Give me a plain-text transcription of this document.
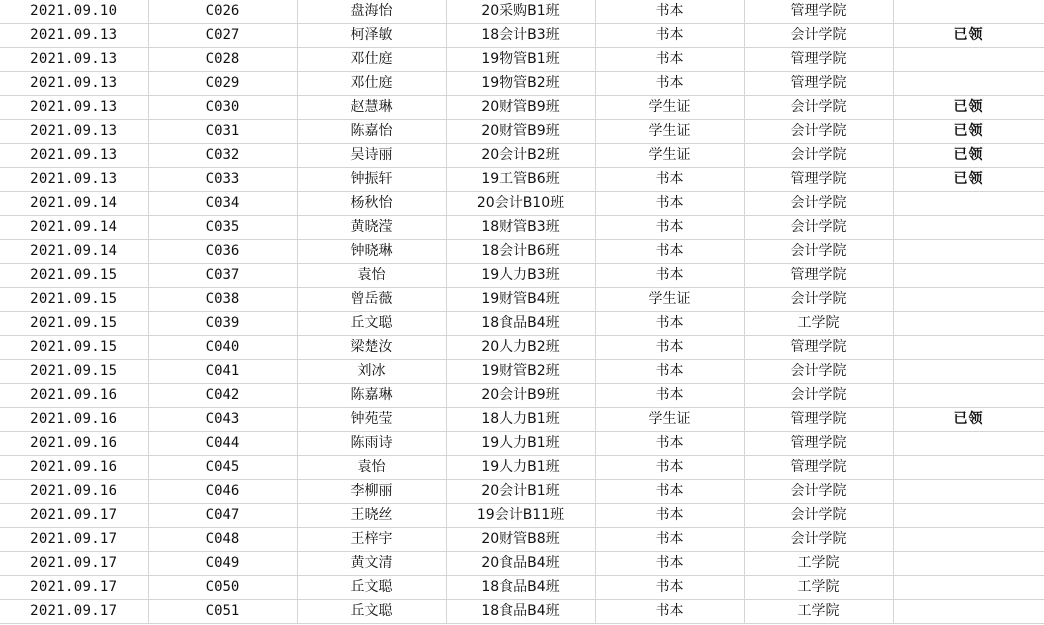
2021.09.10	C026	盘海怡	20采购B1班	书本	管理学院	
2021.09.13	C027	柯泽敏	18会计B3班	书本	会计学院	已领
2021.09.13	C028	邓仕庭	19物管B1班	书本	管理学院	
2021.09.13	C029	邓仕庭	19物管B2班	书本	管理学院	
2021.09.13	C030	赵慧琳	20财管B9班	学生证	会计学院	已领
2021.09.13	C031	陈嘉怡	20财管B9班	学生证	会计学院	已领
2021.09.13	C032	吴诗丽	20会计B2班	学生证	会计学院	已领
2021.09.13	C033	钟振轩	19工管B6班	书本	管理学院	已领
2021.09.14	C034	杨秋怡	20会计B10班	书本	会计学院	
2021.09.14	C035	黄晓滢	18财管B3班	书本	会计学院	
2021.09.14	C036	钟晓琳	18会计B6班	书本	会计学院	
2021.09.15	C037	袁怡	19人力B3班	书本	管理学院	
2021.09.15	C038	曾岳薇	19财管B4班	学生证	会计学院	
2021.09.15	C039	丘文聪	18食品B4班	书本	工学院	
2021.09.15	C040	梁楚汝	20人力B2班	书本	管理学院	
2021.09.15	C041	刘冰	19财管B2班	书本	会计学院	
2021.09.16	C042	陈嘉琳	20会计B9班	书本	会计学院	
2021.09.16	C043	钟苑莹	18人力B1班	学生证	管理学院	已领
2021.09.16	C044	陈雨诗	19人力B1班	书本	管理学院	
2021.09.16	C045	袁怡	19人力B1班	书本	管理学院	
2021.09.16	C046	李柳丽	20会计B1班	书本	会计学院	
2021.09.17	C047	王晓丝	19会计B11班	书本	会计学院	
2021.09.17	C048	王梓宇	20财管B8班	书本	会计学院	
2021.09.17	C049	黄文清	20食品B4班	书本	工学院	
2021.09.17	C050	丘文聪	18食品B4班	书本	工学院	
2021.09.17	C051	丘文聪	18食品B4班	书本	工学院	
